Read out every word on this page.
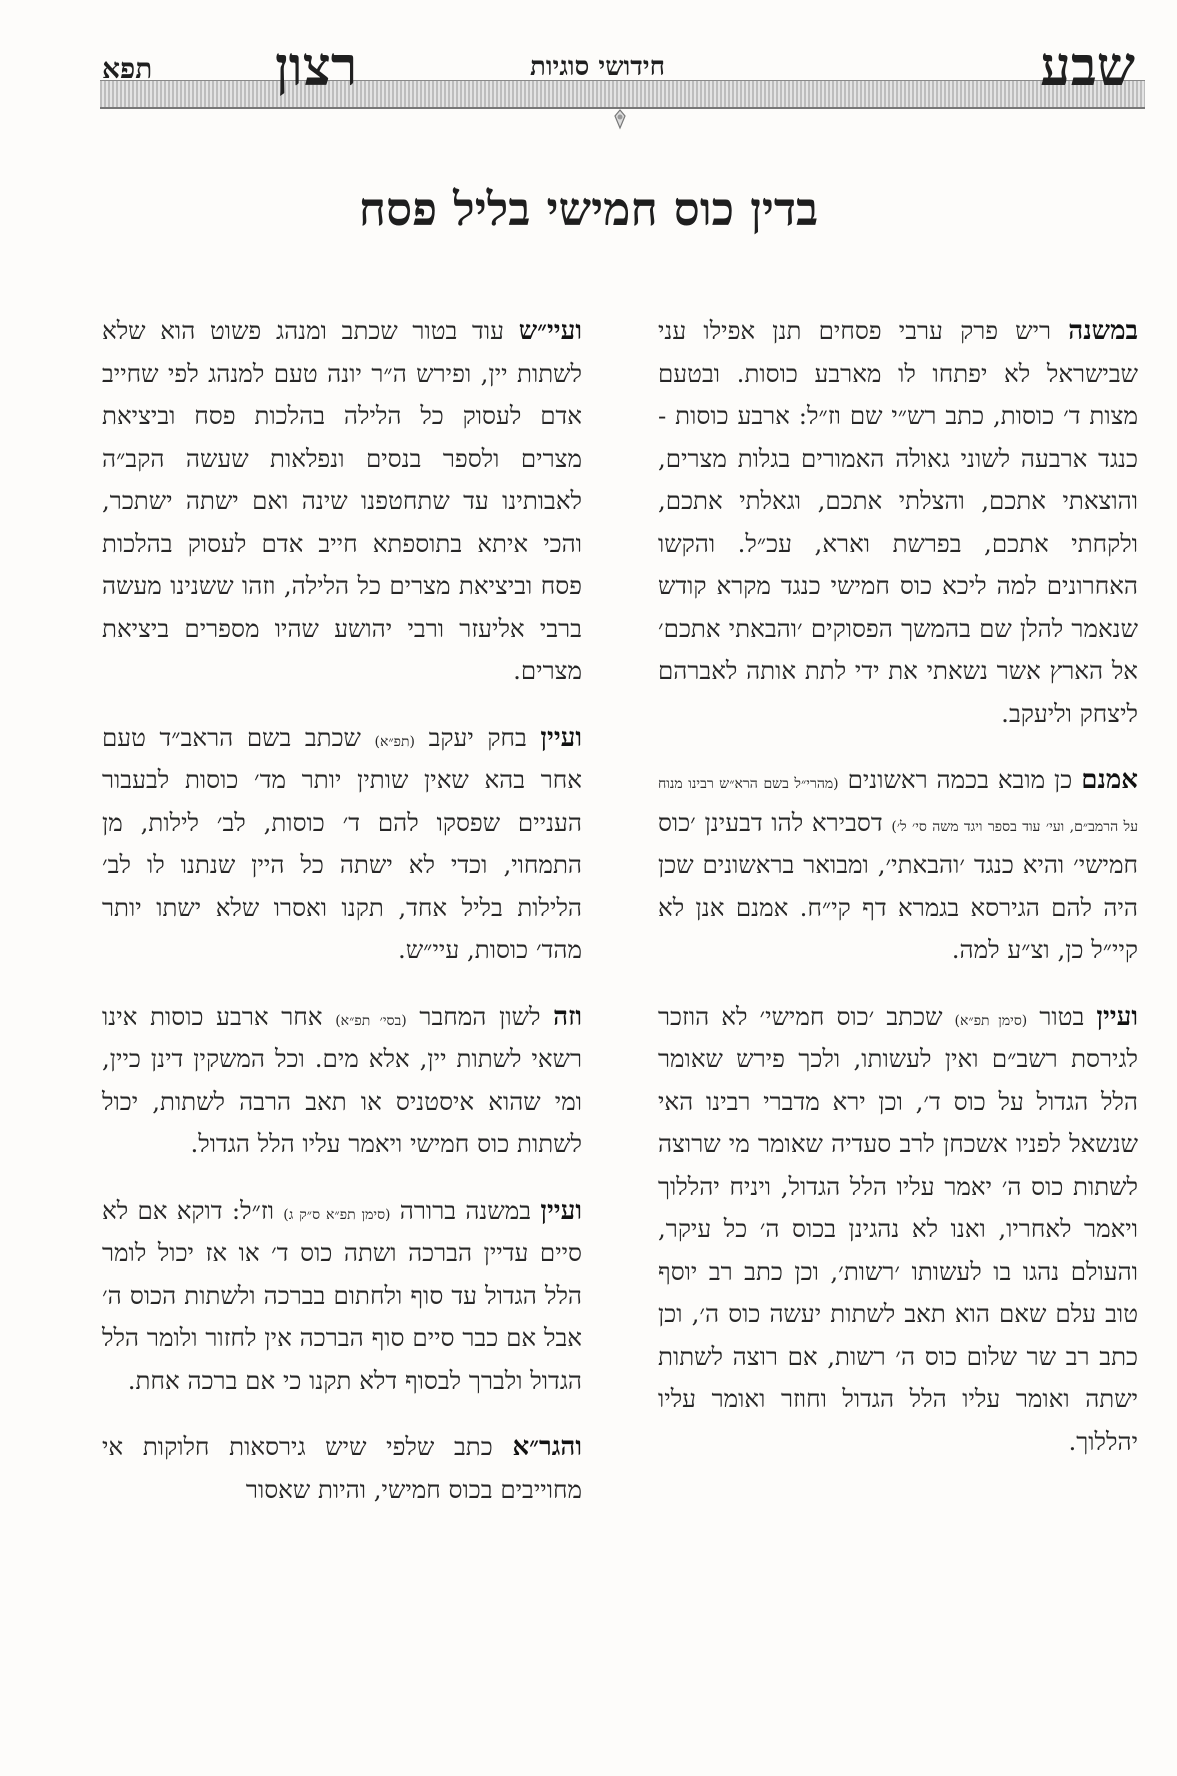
שבע
חידושי סוגיות
רצון
תפא
בדין כוס חמישי בליל פסח

במשנה ריש פרק ערבי פסחים תנן אפילו עני שבישראל לא יפתחו לו מארבע כוסות. ובטעם מצות ד׳ כוסות, כתב רש״י שם וז״ל: ארבע כוסות - כנגד ארבעה לשוני גאולה האמורים בגלות מצרים, והוצאתי אתכם, והצלתי אתכם, וגאלתי אתכם, ולקחתי אתכם, בפרשת וארא, עכ״ל. והקשו האחרונים למה ליכא כוס חמישי כנגד מקרא קודש שנאמר להלן שם בהמשך הפסוקים ׳והבאתי אתכם׳ אל הארץ אשר נשאתי את ידי לתת אותה לאברהם ליצחק וליעקב.

אמנם כן מובא בכמה ראשונים (מהרי״ל בשם הרא״ש רבינו מנוח על הרמב״ם, ועי׳ עוד בספר ויגד משה סי׳ ל׳) דסבירא להו דבעינן ׳כוס חמישי׳ והיא כנגד ׳והבאתי׳, ומבואר בראשונים שכן היה להם הגירסא בגמרא דף קי״ח. אמנם אנן לא קיי״ל כן, וצ״ע למה.

ועיין בטור (סימן תפ״א) שכתב ׳כוס חמישי׳ לא הוזכר לגירסת רשב״ם ואין לעשותו, ולכך פירש שאומר הלל הגדול על כוס ד׳, וכן ירא מדברי רבינו האי שנשאל לפניו אשכחן לרב סעדיה שאומר מי שרוצה לשתות כוס ה׳ יאמר עליו הלל הגדול, ויניח יהללוך ויאמר לאחריו, ואנו לא נהגינן בכוס ה׳ כל עיקר, והעולם נהגו בו לעשותו ׳רשות׳, וכן כתב רב יוסף טוב עלם שאם הוא תאב לשתות יעשה כוס ה׳, וכן כתב רב שר שלום כוס ה׳ רשות, אם רוצה לשתות ישתה ואומר עליו הלל הגדול וחוזר ואומר עליו יהללוך.

ועיי״ש עוד בטור שכתב ומנהג פשוט הוא שלא לשתות יין, ופירש ה״ר יונה טעם למנהג לפי שחייב אדם לעסוק כל הלילה בהלכות פסח וביציאת מצרים ולספר בנסים ונפלאות שעשה הקב״ה לאבותינו עד שתחטפנו שינה ואם ישתה ישתכר, והכי איתא בתוספתא חייב אדם לעסוק בהלכות פסח וביציאת מצרים כל הלילה, וזהו ששנינו מעשה ברבי אליעזר ורבי יהושע שהיו מספרים ביציאת מצרים.

ועיין בחק יעקב (תפ״א) שכתב בשם הראב״ד טעם אחר בהא שאין שותין יותר מד׳ כוסות לבעבור העניים שפסקו להם ד׳ כוסות, לב׳ לילות, מן התמחוי, וכדי לא ישתה כל היין שנתנו לו לב׳ הלילות בליל אחד, תקנו ואסרו שלא ישתו יותר מהד׳ כוסות, עיי״ש.

וזה לשון המחבר (בסי׳ תפ״א) אחר ארבע כוסות אינו רשאי לשתות יין, אלא מים. וכל המשקין דינן כיין, ומי שהוא איסטניס או תאב הרבה לשתות, יכול לשתות כוס חמישי ויאמר עליו הלל הגדול.

ועיין במשנה ברורה (סימן תפ״א ס״ק ג) וז״ל: דוקא אם לא סיים עדיין הברכה ושתה כוס ד׳ או אז יכול לומר הלל הגדול עד סוף ולחתום בברכה ולשתות הכוס ה׳ אבל אם כבר סיים סוף הברכה אין לחזור ולומר הלל הגדול ולברך לבסוף דלא תקנו כי אם ברכה אחת.

והגר״א כתב שלפי שיש גירסאות חלוקות אי מחוייבים בכוס חמישי, והיות שאסור
